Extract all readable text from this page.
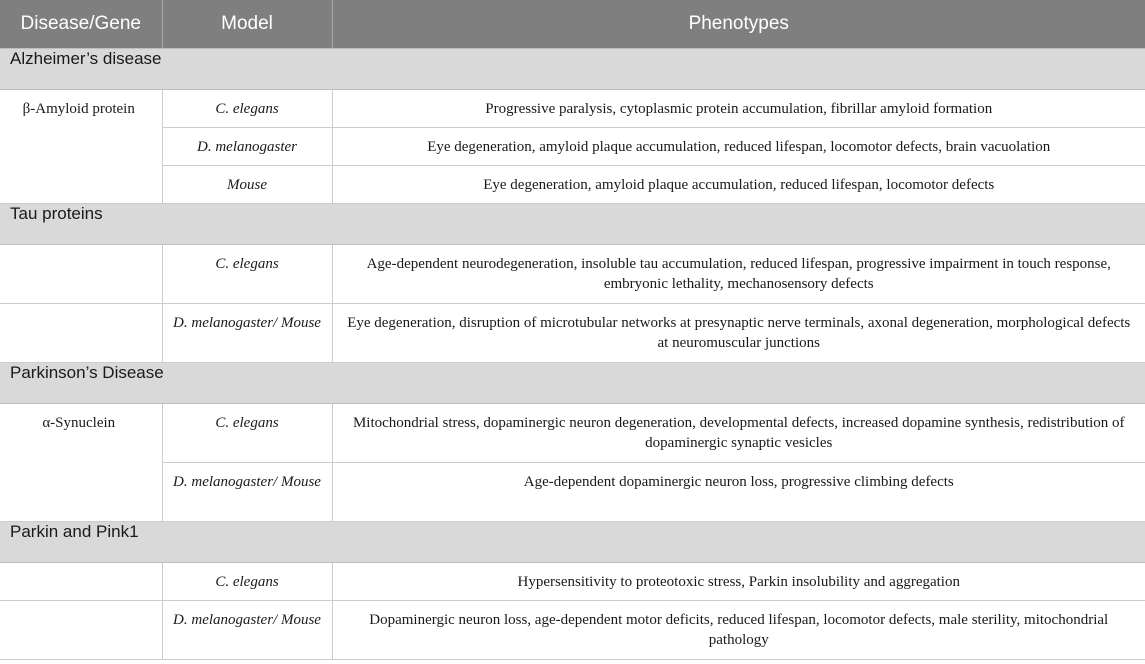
Disease/Gene	Model	Phenotypes
Alzheimer’s disease		
β-Amyloid protein	C. elegans	Progressive paralysis, cytoplasmic protein accumulation, fibrillar amyloid formation
	D. melanogaster	Eye degeneration, amyloid plaque accumulation, reduced lifespan, locomotor defects, brain vacuolation
	Mouse	Eye degeneration, amyloid plaque accumulation, reduced lifespan, locomotor defects
Tau proteins		
	C. elegans	Age-dependent neurodegeneration, insoluble tau accumulation, reduced lifespan, progressive impairment in touch response, embryonic lethality, mechanosensory defects
	D. melanogaster/ Mouse	Eye degeneration, disruption of microtubular networks at presynaptic nerve terminals, axonal degeneration, morphological defects at neuromuscular junctions
Parkinson’s Disease		
α-Synuclein	C. elegans	Mitochondrial stress, dopaminergic neuron degeneration, developmental defects, increased dopamine synthesis, redistribution of dopaminergic synaptic vesicles
	D. melanogaster/ Mouse	Age-dependent dopaminergic neuron loss, progressive climbing defects
Parkin and Pink1		
	C. elegans	Hypersensitivity to proteotoxic stress, Parkin insolubility and aggregation
	D. melanogaster/ Mouse	Dopaminergic neuron loss, age-dependent motor deficits, reduced lifespan, locomotor defects, male sterility, mitochondrial pathology
